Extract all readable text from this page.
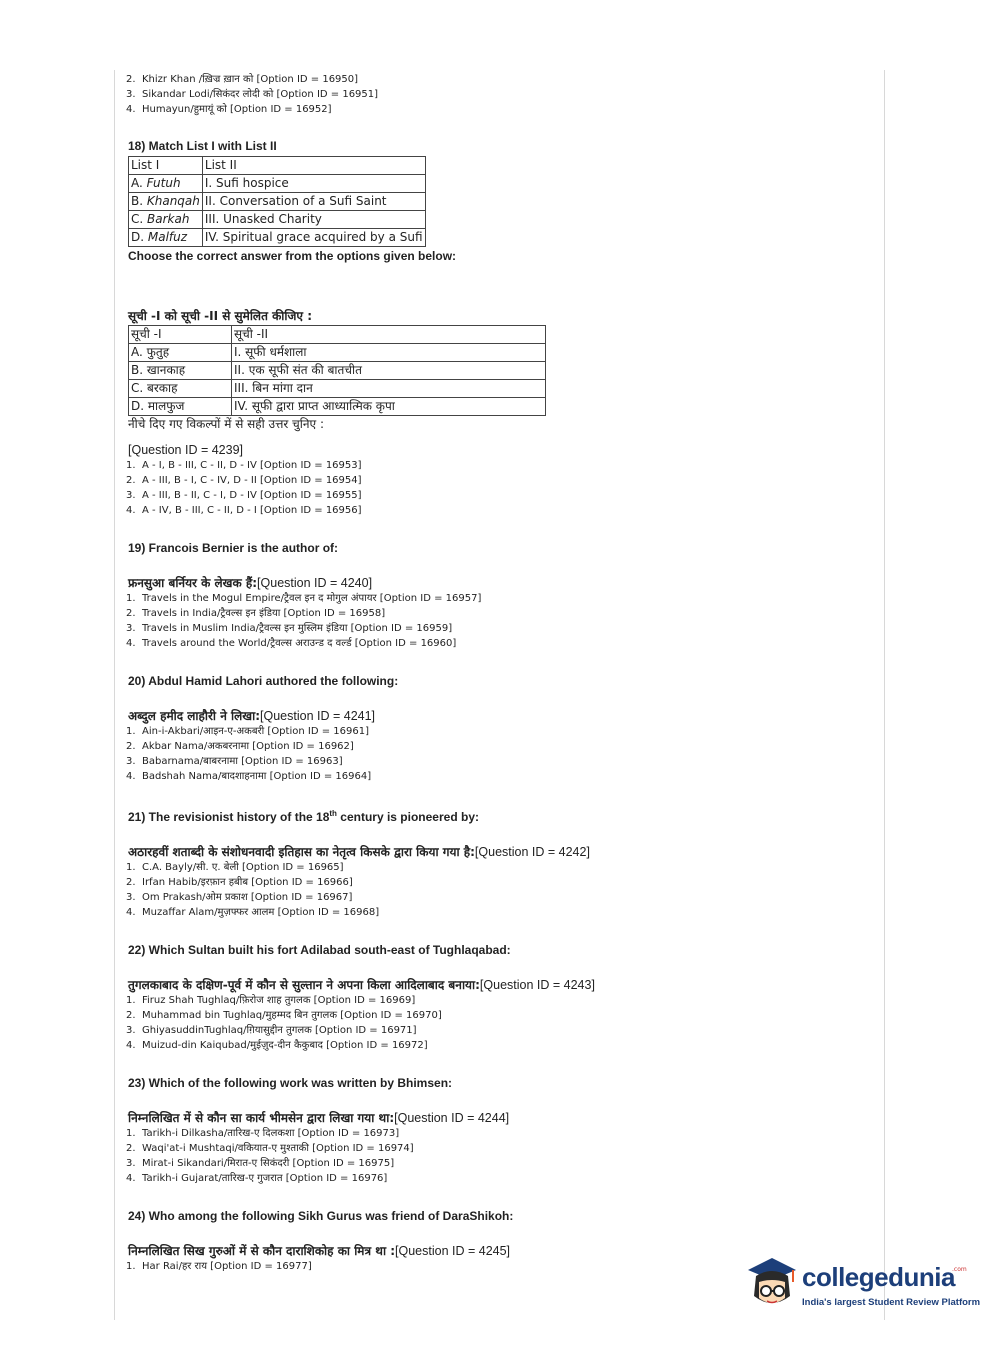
2. Khizr Khan /ख़िज्र ख़ान को [Option ID = 16950]

3. Sikandar Lodi/सिकंदर लोदी को [Option ID = 16951]

4. Humayun/हुमायूं को [Option ID = 16952]

18) Match List I with List II

List I	List II
A. Futuh	I. Sufi hospice
B. Khanqah	II. Conversation of a Sufi Saint
C. Barkah	III. Unasked Charity
D. Malfuz	IV. Spiritual grace acquired by a Sufi

Choose the correct answer from the options given below:

सूची -I को सूची -II से सुमेलित कीजिए :

सूची -I	सूची -II
A. फुतुह	I. सूफी धर्मशाला
B. खानकाह	II. एक सूफी संत की बातचीत
C. बरकाह	III. बिन मांगा दान
D. मालफुज	IV. सूफी द्वारा प्राप्त आध्यात्मिक कृपा

नीचे दिए गए विकल्पों में से सही उत्तर चुनिए :

[Question ID = 4239]

1. A - I, B - III, C - II, D - IV [Option ID = 16953]

2. A - III, B - I, C - IV, D - II [Option ID = 16954]

3. A - III, B - II, C - I, D - IV [Option ID = 16955]

4. A - IV, B - III, C - II, D - I [Option ID = 16956]

19) Francois Bernier is the author of:

फ्रनसुआ बर्नियर के लेखक हैं:[Question ID = 4240]

1. Travels in the Mogul Empire/ट्रैवल इन द मोगुल अंपायर [Option ID = 16957]

2. Travels in India/ट्रैवल्स इन इंडिया [Option ID = 16958]

3. Travels in Muslim India/ट्रैवल्स इन मुस्लिम इंडिया [Option ID = 16959]

4. Travels around the World/ट्रैवल्स अराउन्ड द वर्ल्ड [Option ID = 16960]

20) Abdul Hamid Lahori authored the following:

अब्दुल हमीद लाहौरी ने लिखा:[Question ID = 4241]

1. Ain-i-Akbari/आइन-ए-अकबरी [Option ID = 16961]

2. Akbar Nama/अकबरनामा [Option ID = 16962]

3. Babarnama/बाबरनामा [Option ID = 16963]

4. Badshah Nama/बादशाहनामा [Option ID = 16964]

21) The revisionist history of the 18th century is pioneered by:

अठारहवीं शताब्दी के संशोधनवादी इतिहास का नेतृत्व किसके द्वारा किया गया है:[Question ID = 4242]

1. C.A. Bayly/सी. ए. बेली [Option ID = 16965]

2. Irfan Habib/इरफ़ान हबीब [Option ID = 16966]

3. Om Prakash/ओम प्रकाश [Option ID = 16967]

4. Muzaffar Alam/मुज़फ्फर आलम [Option ID = 16968]

22) Which Sultan built his fort Adilabad south-east of Tughlaqabad:

तुगलकाबाद के दक्षिण-पूर्व में कौन से सुल्तान ने अपना किला आदिलाबाद बनाया:[Question ID = 4243]

1. Firuz Shah Tughlaq/फ़िरोज शाह तुगलक [Option ID = 16969]

2. Muhammad bin Tughlaq/मुहम्मद बिन तुगलक [Option ID = 16970]

3. GhiyasuddinTughlaq/ग़ियासुद्दीन तुगलक [Option ID = 16971]

4. Muizud-din Kaiqubad/मुईज़ुद-दीन कैकुबाद [Option ID = 16972]

23) Which of the following work was written by Bhimsen:

निम्नलिखित में से कौन सा कार्य भीमसेन द्वारा लिखा गया था:[Question ID = 4244]

1. Tarikh-i Dilkasha/तारिख-ए दिलकशा [Option ID = 16973]

2. Waqi'at-i Mushtaqi/वकियात-ए मुश्ताकी [Option ID = 16974]

3. Mirat-i Sikandari/मिरात-ए सिकंदरी [Option ID = 16975]

4. Tarikh-i Gujarat/तारिख-ए गुजरात [Option ID = 16976]

24) Who among the following Sikh Gurus was friend of DaraShikoh:

निम्नलिखित सिख गुरुओं में से कौन दाराशिकोह का मित्र था :[Question ID = 4245]

1. Har Rai/हर राय [Option ID = 16977]	collegedunia
.com
India's largest Student Review Platform
